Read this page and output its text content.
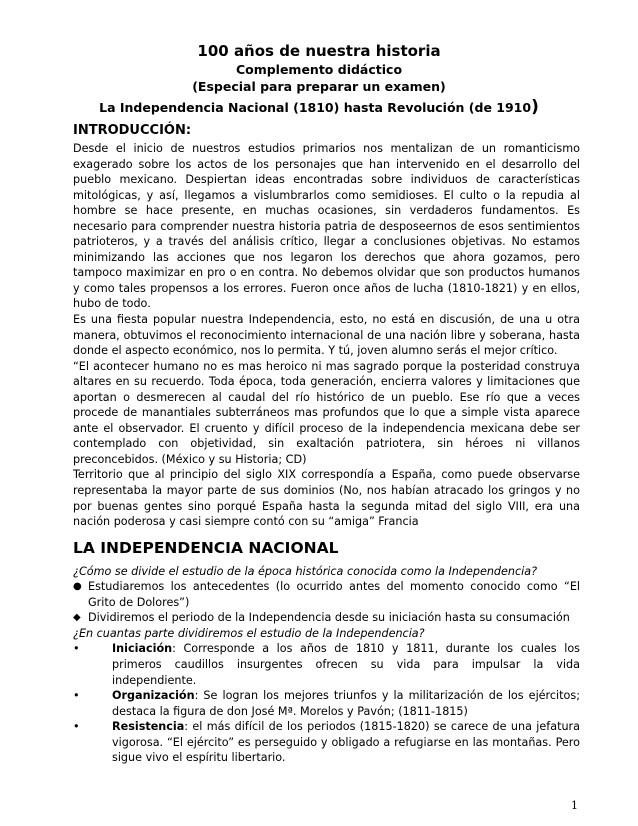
100 años de nuestra historia
Complemento didáctico
(Especial para preparar un examen)
La Independencia Nacional (1810) hasta Revolución (de 1910)
INTRODUCCIÓN:

Desde el inicio de nuestros estudios primarios nos mentalizan de un romanticismo exagerado sobre los actos de los personajes que han intervenido en el desarrollo del pueblo mexicano. Despiertan ideas encontradas sobre individuos de características mitológicas, y así, llegamos a vislumbrarlos como semidioses. El culto o la repudia al hombre se hace presente, en muchas ocasiones, sin verdaderos fundamentos. Es necesario para comprender nuestra historia patria de desposeernos de esos sentimientos patrioteros, y a través del análisis crítico, llegar a conclusiones objetivas. No estamos minimizando las acciones que nos legaron los derechos que ahora gozamos, pero tampoco maximizar en pro o en contra. No debemos olvidar que son productos humanos y como tales propensos a los errores. Fueron once años de lucha (1810-1821) y en ellos, hubo de todo.

Es una fiesta popular nuestra Independencia, esto, no está en discusión, de una u otra manera, obtuvimos el reconocimiento internacional de una nación libre y soberana, hasta donde el aspecto económico, nos lo permita. Y tú, joven alumno serás el mejor crítico.

“El acontecer humano no es mas heroico ni mas sagrado porque la posteridad construya altares en su recuerdo. Toda época, toda generación, encierra valores y limitaciones que aportan o desmerecen al caudal del río histórico de un pueblo. Ese río que a veces procede de manantiales subterráneos mas profundos que lo que a simple vista aparece ante el observador. El cruento y difícil proceso de la independencia mexicana debe ser contemplado con objetividad, sin exaltación patriotera, sin héroes ni villanos preconcebidos. (México y su Historia; CD)

Territorio que al principio del siglo XIX correspondía a España, como puede observarse representaba la mayor parte de sus dominios (No, nos habían atracado los gringos y no por buenas gentes sino porqué España hasta la segunda mitad del siglo VIII, era una nación poderosa y casi siempre contó con su “amiga” Francia

LA INDEPENDENCIA NACIONAL

¿Cómo se divide el estudio de la época histórica conocida como la Independencia?

● Estudiaremos los antecedentes (lo ocurrido antes del momento conocido como “El Grito de Dolores”)
◆ Dividiremos el periodo de la Independencia desde su iniciación hasta su consumación

¿En cuantas parte dividiremos el estudio de la Independencia?

•	Iniciación: Corresponde a los años de 1810 y 1811, durante los cuales los primeros caudillos insurgentes ofrecen su vida para impulsar la vida independiente.
•	Organización: Se logran los mejores triunfos y la militarización de los ejércitos; destaca la figura de don José Mª. Morelos y Pavón; (1811-1815)
•	Resistencia: el más difícil de los periodos (1815-1820) se carece de una jefatura vigorosa. “El ejército” es perseguido y obligado a refugiarse en las montañas. Pero sigue vivo el espíritu libertario.
1
